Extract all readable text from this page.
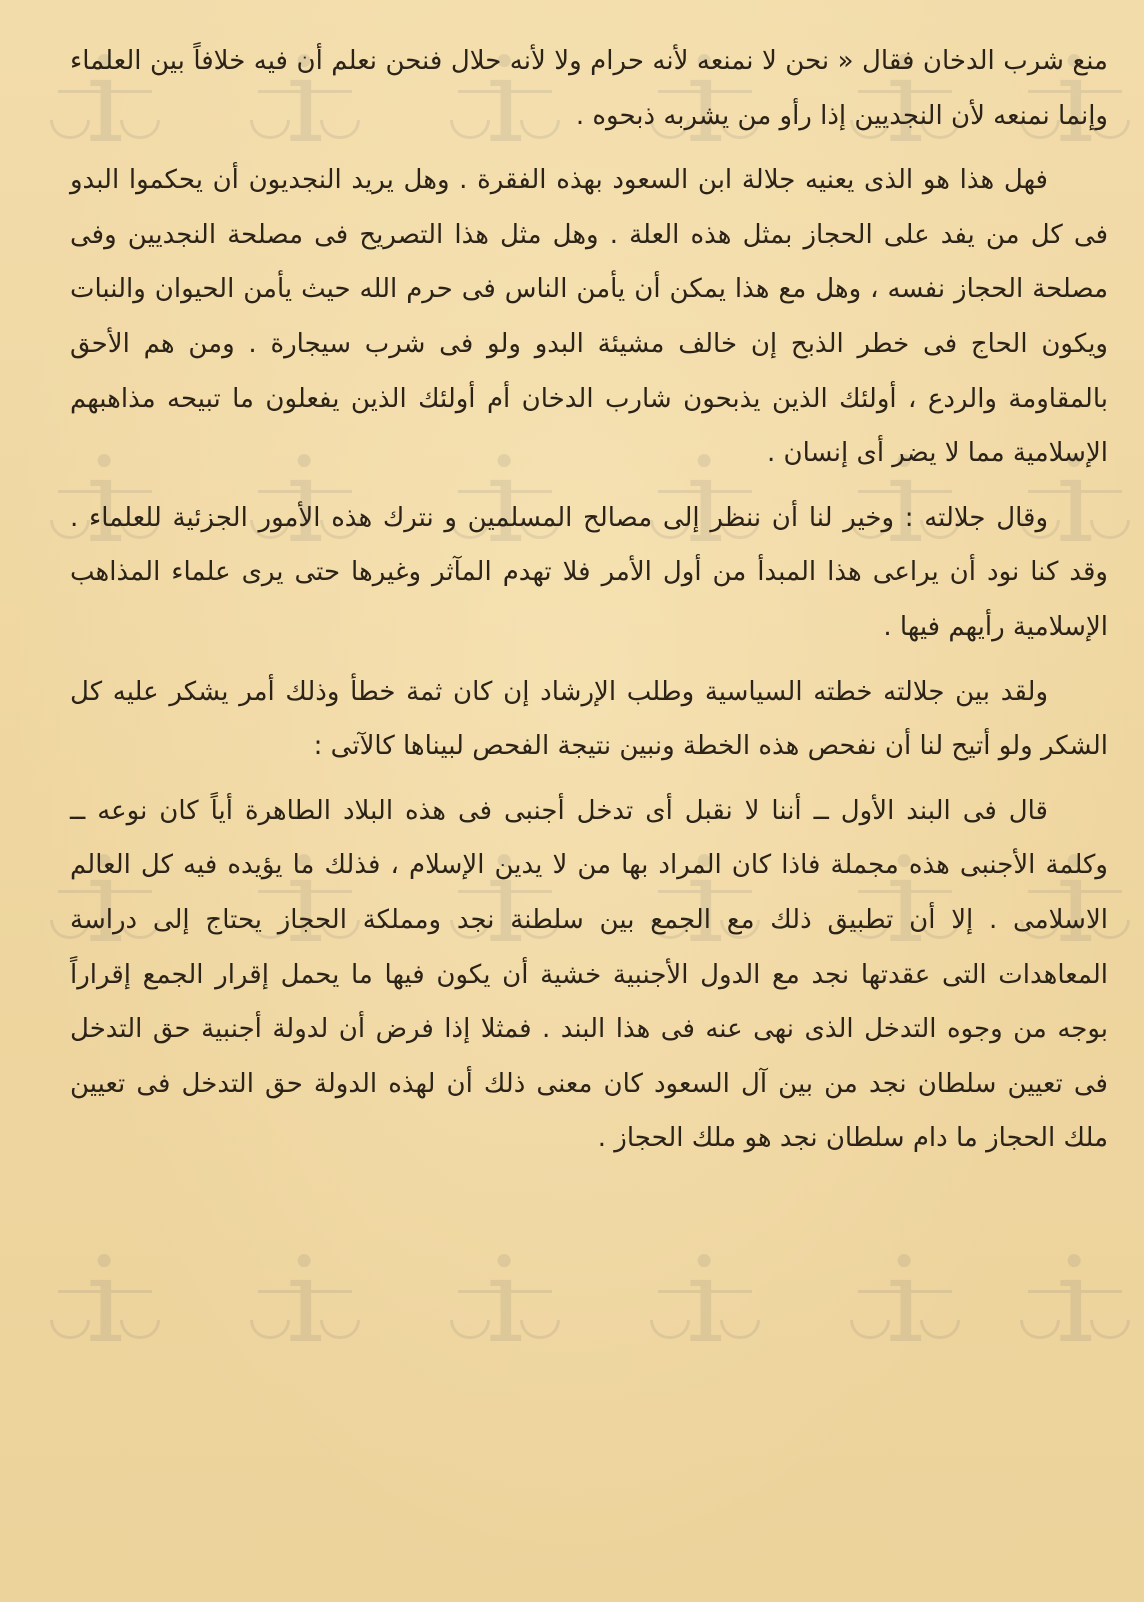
i i i i i i
i i i i i i
i i i i i i
i i i i i i

منع شرب الدخان فقال « نحن لا نمنعه لأنه حرام ولا لأنه حلال فنحن نعلم أن فيه خلافاً بين العلماء وإنما نمنعه لأن النجديين إذا رأو من يشربه ذبحوه .

فهل هذا هو الذى يعنيه جلالة ابن السعود بهذه الفقرة . وهل يريد النجديون أن يحكموا البدو فى كل من يفد على الحجاز بمثل هذه العلة . وهل مثل هذا التصريح فى مصلحة النجديين وفى مصلحة الحجاز نفسه ، وهل مع هذا يمكن أن يأمن الناس فى حرم الله حيث يأمن الحيوان والنبات ويكون الحاج فى خطر الذبح إن خالف مشيئة البدو ولو فى شرب سيجارة . ومن هم الأحق بالمقاومة والردع ، أولئك الذين يذبحون شارب الدخان أم أولئك الذين يفعلون ما تبيحه مذاهبهم الإسلامية مما لا يضر أى إنسان .

وقال جلالته : وخير لنا أن ننظر إلى مصالح المسلمين و نترك هذه الأمور الجزئية للعلماء . وقد كنا نود أن يراعى هذا المبدأ من أول الأمر فلا تهدم المآثر وغيرها حتى يرى علماء المذاهب الإسلامية رأيهم فيها .

ولقد بين جلالته خطته السياسية وطلب الإرشاد إن كان ثمة خطأ وذلك أمر يشكر عليه كل الشكر ولو أتيح لنا أن نفحص هذه الخطة ونبين نتيجة الفحص لبيناها كالآتى :

قال فى البند الأول ــ أننا لا نقبل أى تدخل أجنبى فى هذه البلاد الطاهرة أياً كان نوعه ــ وكلمة الأجنبى هذه مجملة فاذا كان المراد بها من لا يدين الإسلام ، فذلك ما يؤيده فيه كل العالم الاسلامى . إلا أن تطبيق ذلك مع الجمع بين سلطنة نجد ومملكة الحجاز يحتاج إلى دراسة المعاهدات التى عقدتها نجد مع الدول الأجنبية خشية أن يكون فيها ما يحمل إقرار الجمع إقراراً بوجه من وجوه التدخل الذى نهى عنه فى هذا البند . فمثلا إذا فرض أن لدولة أجنبية حق التدخل فى تعيين سلطان نجد من بين آل السعود كان معنى ذلك أن لهذه الدولة حق التدخل فى تعيين ملك الحجاز ما دام سلطان نجد هو ملك الحجاز .
